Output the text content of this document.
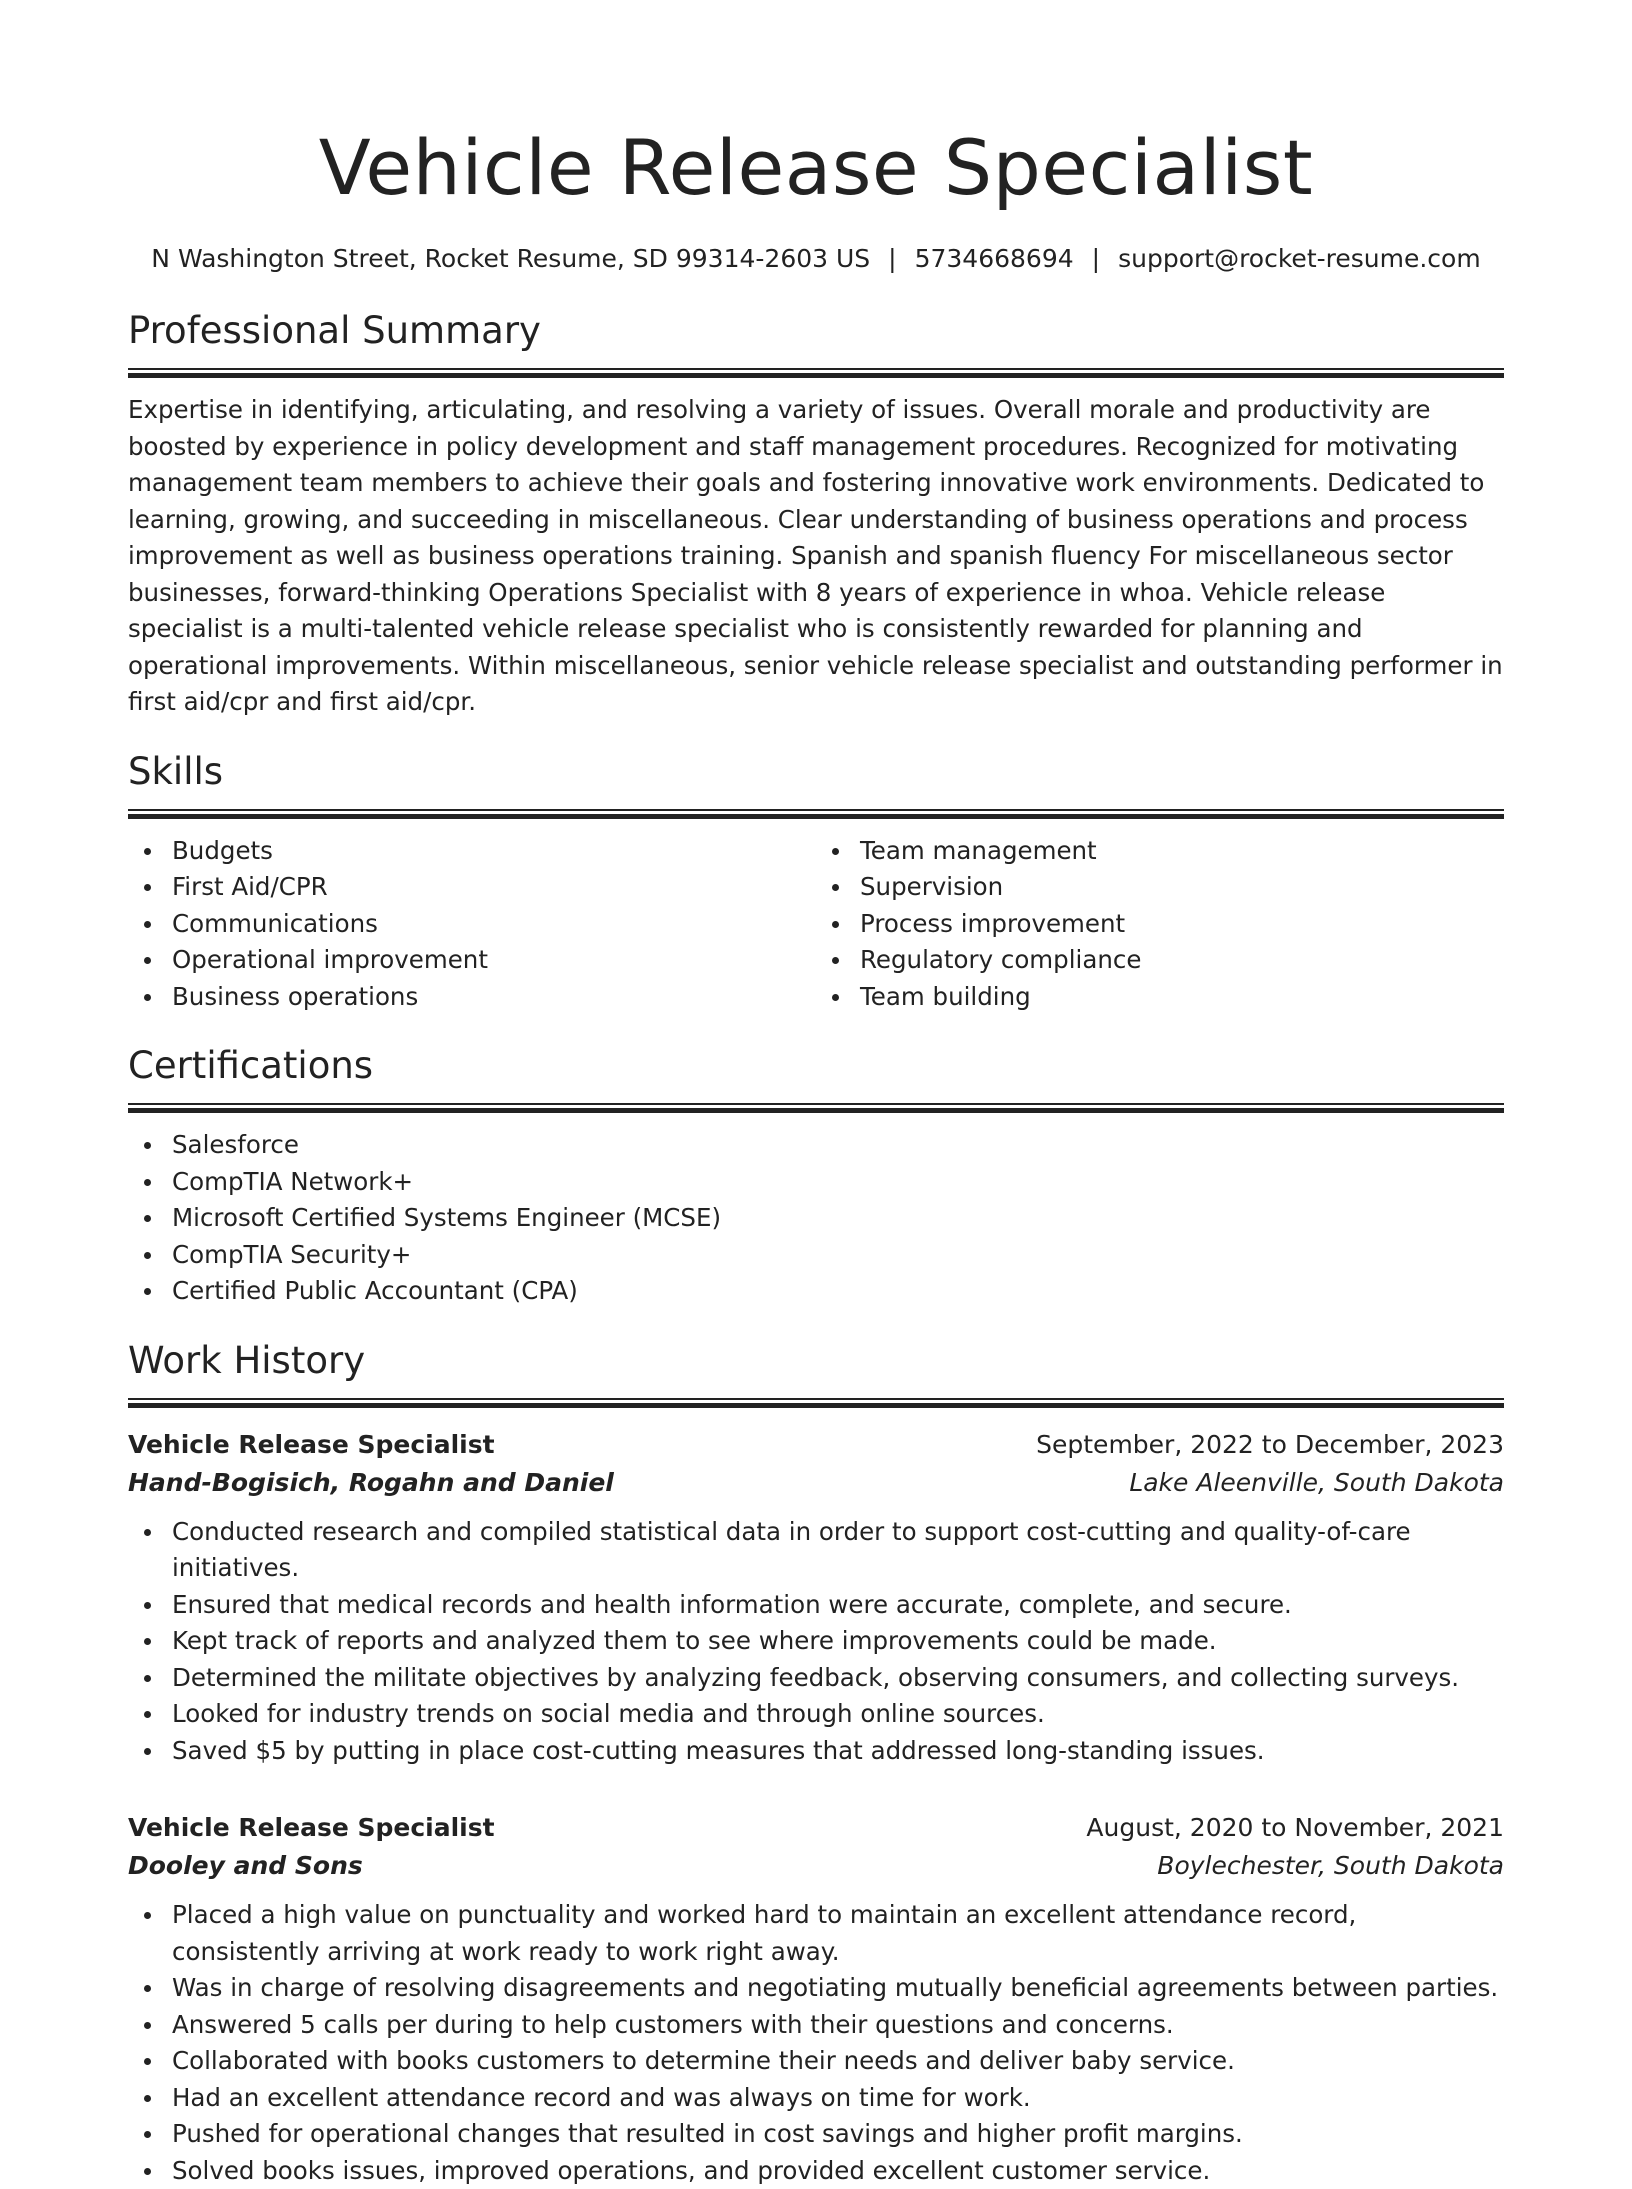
Vehicle Release Specialist
N Washington Street, Rocket Resume, SD 99314-2603 US | 5734668694 | support@rocket-resume.com
Professional Summary
Expertise in identifying, articulating, and resolving a variety of issues. Overall morale and productivity are boosted by experience in policy development and staff management procedures. Recognized for motivating management team members to achieve their goals and fostering innovative work environments. Dedicated to learning, growing, and succeeding in miscellaneous. Clear understanding of business operations and process improvement as well as business operations training. Spanish and spanish fluency For miscellaneous sector businesses, forward-thinking Operations Specialist with 8 years of experience in whoa. Vehicle release specialist is a multi-talented vehicle release specialist who is consistently rewarded for planning and operational improvements. Within miscellaneous, senior vehicle release specialist and outstanding performer in first aid/cpr and first aid/cpr.
Skills
Budgets
First Aid/CPR
Communications
Operational improvement
Business operations
Team management
Supervision
Process improvement
Regulatory compliance
Team building
Certifications
Salesforce
CompTIA Network+
Microsoft Certified Systems Engineer (MCSE)
CompTIA Security+
Certified Public Accountant (CPA)
Work History
Vehicle Release Specialist	September, 2022 to December, 2023
Hand-Bogisich, Rogahn and Daniel	Lake Aleenville, South Dakota
Conducted research and compiled statistical data in order to support cost-cutting and quality-of-care initiatives.
Ensured that medical records and health information were accurate, complete, and secure.
Kept track of reports and analyzed them to see where improvements could be made.
Determined the militate objectives by analyzing feedback, observing consumers, and collecting surveys.
Looked for industry trends on social media and through online sources.
Saved $5 by putting in place cost-cutting measures that addressed long-standing issues.
Vehicle Release Specialist	August, 2020 to November, 2021
Dooley and Sons	Boylechester, South Dakota
Placed a high value on punctuality and worked hard to maintain an excellent attendance record, consistently arriving at work ready to work right away.
Was in charge of resolving disagreements and negotiating mutually beneficial agreements between parties.
Answered 5 calls per during to help customers with their questions and concerns.
Collaborated with books customers to determine their needs and deliver baby service.
Had an excellent attendance record and was always on time for work.
Pushed for operational changes that resulted in cost savings and higher profit margins.
Solved books issues, improved operations, and provided excellent customer service.
